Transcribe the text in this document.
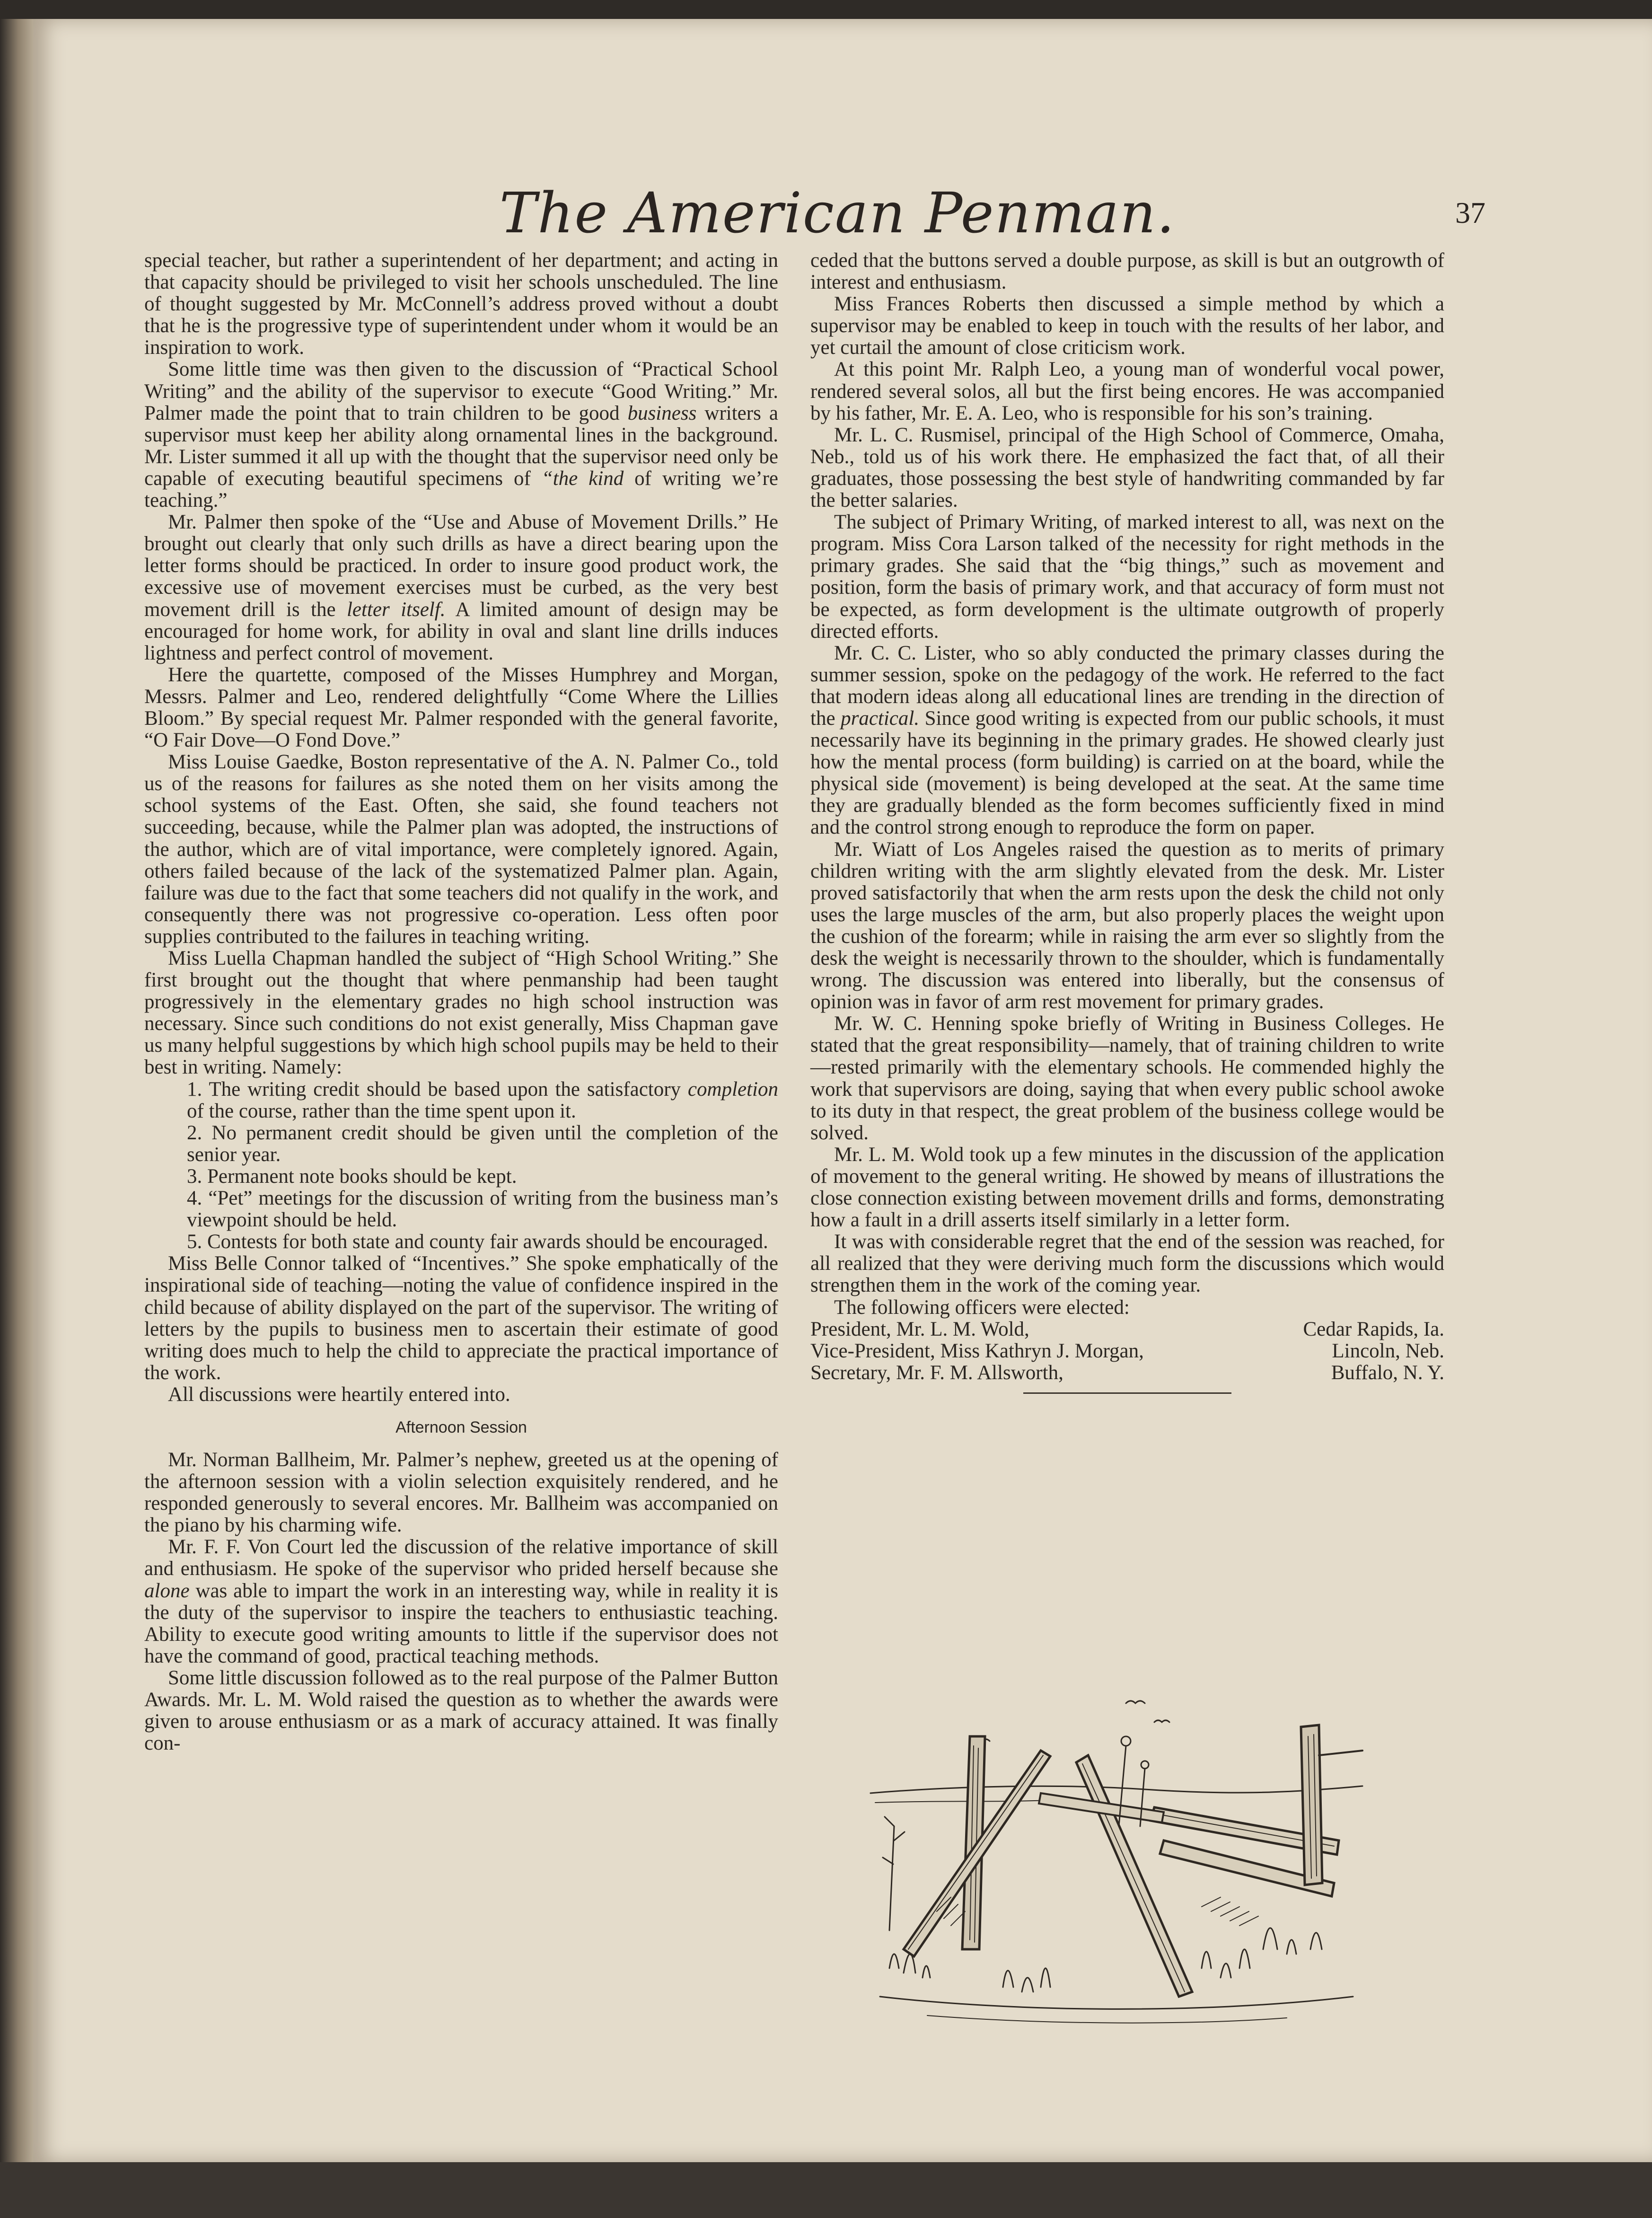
The American Penman.	37

special teacher, but rather a superintendent of her department; and acting in that capacity should be privileged to visit her schools unscheduled. The line of thought suggested by Mr. McConnell’s address proved without a doubt that he is the progressive type of superintendent under whom it would be an inspiration to work.

Some little time was then given to the discussion of “Practical School Writing” and the ability of the supervisor to execute “Good Writing.” Mr. Palmer made the point that to train children to be good business writers a supervisor must keep her ability along ornamental lines in the background. Mr. Lister summed it all up with the thought that the supervisor need only be capable of executing beautiful specimens of “the kind of writing we’re teaching.”

Mr. Palmer then spoke of the “Use and Abuse of Movement Drills.” He brought out clearly that only such drills as have a direct bearing upon the letter forms should be practiced. In order to insure good product work, the excessive use of movement exercises must be curbed, as the very best movement drill is the letter itself. A limited amount of design may be encouraged for home work, for ability in oval and slant line drills induces lightness and perfect control of movement.

Here the quartette, composed of the Misses Humphrey and Morgan, Messrs. Palmer and Leo, rendered delightfully “Come Where the Lillies Bloom.” By special request Mr. Palmer responded with the general favorite, “O Fair Dove—O Fond Dove.”

Miss Louise Gaedke, Boston representative of the A. N. Palmer Co., told us of the reasons for failures as she noted them on her visits among the school systems of the East. Often, she said, she found teachers not succeeding, because, while the Palmer plan was adopted, the instructions of the author, which are of vital importance, were completely ignored. Again, others failed because of the lack of the systematized Palmer plan. Again, failure was due to the fact that some teachers did not qualify in the work, and consequently there was not progressive co-operation. Less often poor supplies contributed to the failures in teaching writing.

Miss Luella Chapman handled the subject of “High School Writing.” She first brought out the thought that where penmanship had been taught progressively in the elementary grades no high school instruction was necessary. Since such conditions do not exist generally, Miss Chapman gave us many helpful suggestions by which high school pupils may be held to their best in writing. Namely:

1. The writing credit should be based upon the satisfactory completion of the course, rather than the time spent upon it.

2. No permanent credit should be given until the completion of the senior year.

3. Permanent note books should be kept.

4. “Pet” meetings for the discussion of writing from the business man’s viewpoint should be held.

5. Contests for both state and county fair awards should be encouraged.

Miss Belle Connor talked of “Incentives.” She spoke emphatically of the inspirational side of teaching—noting the value of confidence inspired in the child because of ability displayed on the part of the supervisor. The writing of letters by the pupils to business men to ascertain their estimate of good writing does much to help the child to appreciate the practical importance of the work.

All discussions were heartily entered into.

Afternoon Session

Mr. Norman Ballheim, Mr. Palmer’s nephew, greeted us at the opening of the afternoon session with a violin selection exquisitely rendered, and he responded generously to several encores. Mr. Ballheim was accompanied on the piano by his charming wife.

Mr. F. F. Von Court led the discussion of the relative importance of skill and enthusiasm. He spoke of the supervisor who prided herself because she alone was able to impart the work in an interesting way, while in reality it is the duty of the supervisor to inspire the teachers to enthusiastic teaching. Ability to execute good writing amounts to little if the supervisor does not have the command of good, practical teaching methods.

Some little discussion followed as to the real purpose of the Palmer Button Awards. Mr. L. M. Wold raised the question as to whether the awards were given to arouse enthusiasm or as a mark of accuracy attained. It was finally con-

ceded that the buttons served a double purpose, as skill is but an outgrowth of interest and enthusiasm.

Miss Frances Roberts then discussed a simple method by which a supervisor may be enabled to keep in touch with the results of her labor, and yet curtail the amount of close criticism work.

At this point Mr. Ralph Leo, a young man of wonderful vocal power, rendered several solos, all but the first being encores. He was accompanied by his father, Mr. E. A. Leo, who is responsible for his son’s training.

Mr. L. C. Rusmisel, principal of the High School of Commerce, Omaha, Neb., told us of his work there. He emphasized the fact that, of all their graduates, those possessing the best style of handwriting commanded by far the better salaries.

The subject of Primary Writing, of marked interest to all, was next on the program. Miss Cora Larson talked of the necessity for right methods in the primary grades. She said that the “big things,” such as movement and position, form the basis of primary work, and that accuracy of form must not be expected, as form development is the ultimate outgrowth of properly directed efforts.

Mr. C. C. Lister, who so ably conducted the primary classes during the summer session, spoke on the pedagogy of the work. He referred to the fact that modern ideas along all educational lines are trending in the direction of the practical. Since good writing is expected from our public schools, it must necessarily have its beginning in the primary grades. He showed clearly just how the mental process (form building) is carried on at the board, while the physical side (movement) is being developed at the seat. At the same time they are gradually blended as the form becomes sufficiently fixed in mind and the control strong enough to reproduce the form on paper.

Mr. Wiatt of Los Angeles raised the question as to merits of primary children writing with the arm slightly elevated from the desk. Mr. Lister proved satisfactorily that when the arm rests upon the desk the child not only uses the large muscles of the arm, but also properly places the weight upon the cushion of the forearm; while in raising the arm ever so slightly from the desk the weight is necessarily thrown to the shoulder, which is fundamentally wrong. The discussion was entered into liberally, but the consensus of opinion was in favor of arm rest movement for primary grades.

Mr. W. C. Henning spoke briefly of Writing in Business Colleges. He stated that the great responsibility—namely, that of training children to write—rested primarily with the elementary schools. He commended highly the work that supervisors are doing, saying that when every public school awoke to its duty in that respect, the great problem of the business college would be solved.

Mr. L. M. Wold took up a few minutes in the discussion of the application of movement to the general writing. He showed by means of illustrations the close connection existing between movement drills and forms, demonstrating how a fault in a drill asserts itself similarly in a letter form.

It was with considerable regret that the end of the session was reached, for all realized that they were deriving much form the discussions which would strengthen them in the work of the coming year.

The following officers were elected:

President, Mr. L. M. Wold,	Cedar Rapids, Ia.
Vice-President, Miss Kathryn J. Morgan,	Lincoln, Neb.
Secretary, Mr. F. M. Allsworth,	Buffalo, N. Y.
